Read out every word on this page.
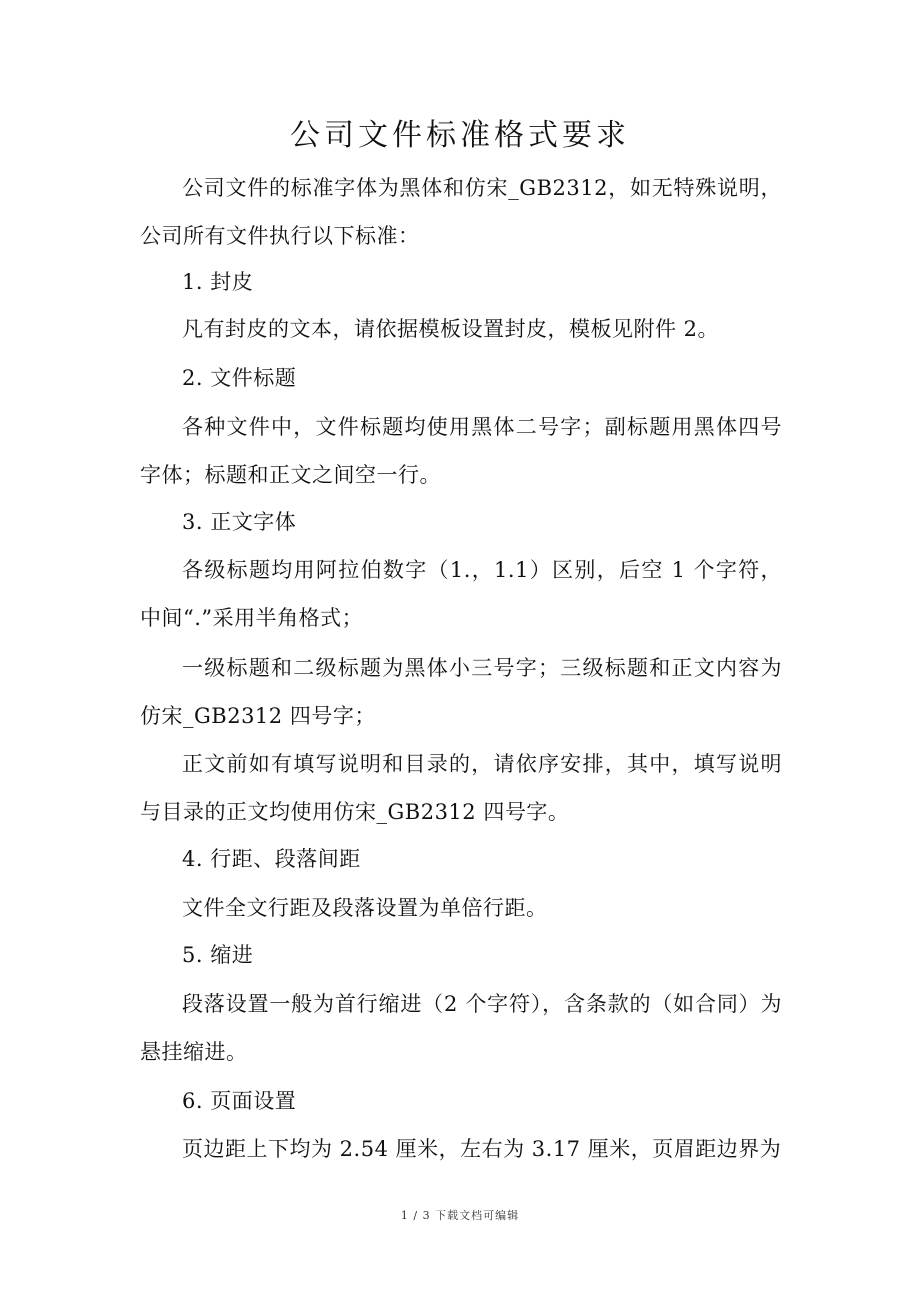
公司文件标准格式要求

公司文件的标准字体为黑体和仿宋_GB2312，如无特殊说明，公司所有文件执行以下标准：

1. 封皮

凡有封皮的文本，请依据模板设置封皮，模板见附件 2。

2. 文件标题

各种文件中，文件标题均使用黑体二号字；副标题用黑体四号字体；标题和正文之间空一行。

3. 正文字体

各级标题均用阿拉伯数字（1.，1.1）区别，后空 1 个字符，中间“.”采用半角格式；

一级标题和二级标题为黑体小三号字；三级标题和正文内容为仿宋_GB2312 四号字；

正文前如有填写说明和目录的，请依序安排，其中，填写说明与目录的正文均使用仿宋_GB2312 四号字。

4. 行距、段落间距

文件全文行距及段落设置为单倍行距。

5. 缩进

段落设置一般为首行缩进（2 个字符），含条款的（如合同）为悬挂缩进。

6. 页面设置

页边距上下均为 2.54 厘米，左右为 3.17 厘米，页眉距边界为

1 / 3 下载文档可编辑
